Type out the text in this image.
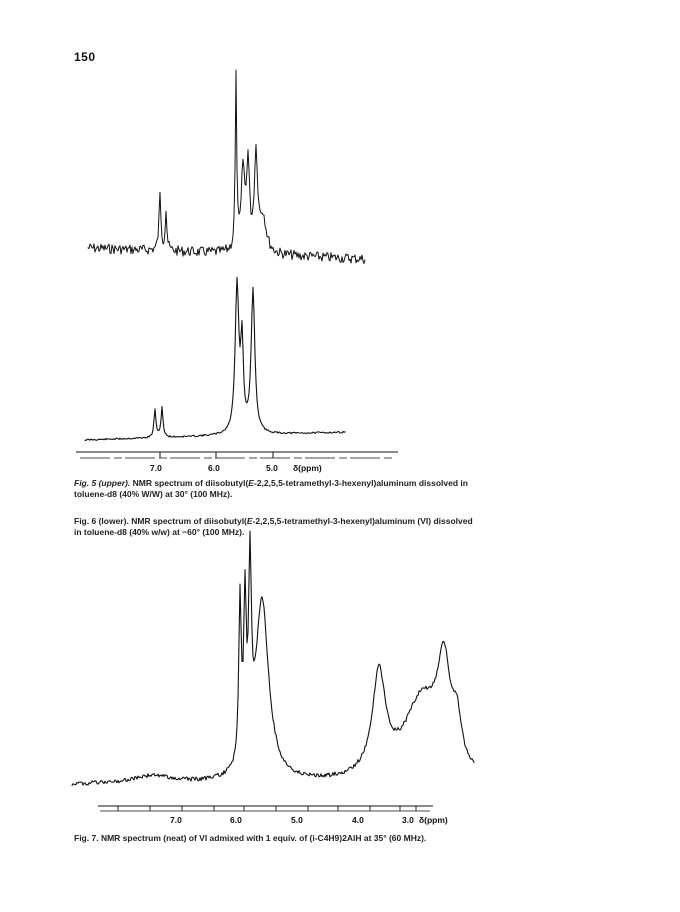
150
7.0	6.0	5.0 δ(ppm)
Fig. 5 (upper). NMR spectrum of diisobutyl(E-2,2,5,5-tetramethyl-3-hexenyl)aluminum dissolved in
toluene-d8 (40% W/W) at 30° (100 MHz).
Fig. 6 (lower). NMR spectrum of diisobutyl(E-2,2,5,5-tetramethyl-3-hexenyl)aluminum (VI) dissolved
in toluene-d8 (40% w/w) at −60° (100 MHz).
7.0	6.0	5.0	4.0	3.0 δ(ppm)
Fig. 7. NMR spectrum (neat) of VI admixed with 1 equiv. of (i-C4H9)2AlH at 35° (60 MHz).
